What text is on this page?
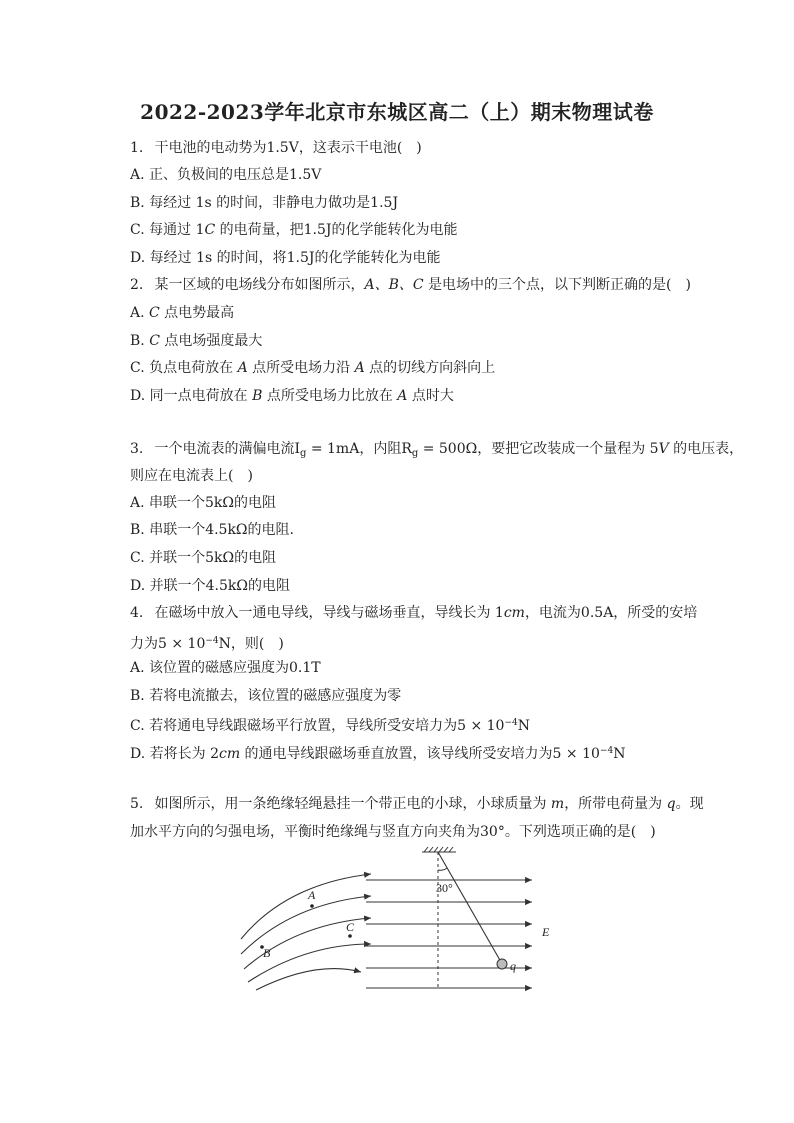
2022-2023学年北京市东城区高二（上）期末物理试卷
1. 干电池的电动势为1.5V，这表示干电池(　)
A. 正、负极间的电压总是1.5V
B. 每经过 1s 的时间，非静电力做功是1.5J
C. 每通过 1C 的电荷量，把1.5J的化学能转化为电能
D. 每经过 1s 的时间，将1.5J的化学能转化为电能
2. 某一区域的电场线分布如图所示，A、B、C 是电场中的三个点，以下判断正确的是(　)
A. C 点电势最高
B. C 点电场强度最大
C. 负点电荷放在 A 点所受电场力沿 A 点的切线方向斜向上
D. 同一点电荷放在 B 点所受电场力比放在 A 点时大
3. 一个电流表的满偏电流$I_g = 1mA$，内阻$R_g = 500\Omega$，要把它改装成一个量程为 5V 的电压表，
则应在电流表上(　)
A. 串联一个5kΩ的电阻
B. 串联一个4.5kΩ的电阻.
C. 并联一个5kΩ的电阻
D. 并联一个4.5kΩ的电阻
4. 在磁场中放入一通电导线，导线与磁场垂直，导线长为 1cm，电流为0.5A，所受的安培
力为$5 \times 10^{-4}N$，则(　)
A. 该位置的磁感应强度为0.1T
B. 若将电流撤去，该位置的磁感应强度为零
C. 若将通电导线跟磁场平行放置，导线所受安培力为$5 \times 10^{-4}N$
D. 若将长为 2cm 的通电导线跟磁场垂直放置，该导线所受安培力为$5 \times 10^{-4}N$
5. 如图所示，用一条绝缘轻绳悬挂一个带正电的小球，小球质量为 m，所带电荷量为 q。现
加水平方向的匀强电场，平衡时绝缘绳与竖直方向夹角为30°。下列选项正确的是(　)
A
B
C	E
30°
q
